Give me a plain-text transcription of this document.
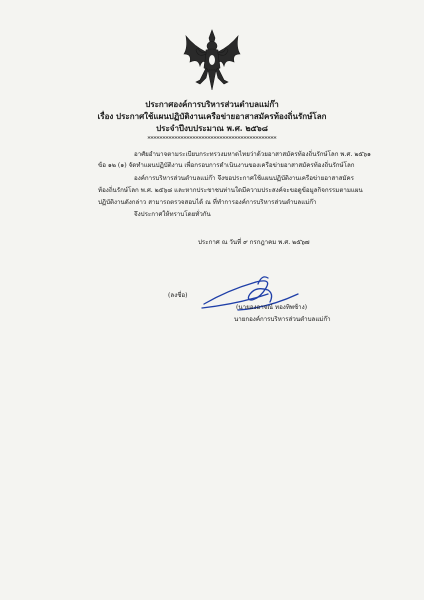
ประกาศองค์การบริหารส่วนตำบลแม่ก๊า
เรื่อง ประกาศใช้แผนปฏิบัติงานเครือข่ายอาสาสมัครท้องถิ่นรักษ์โลก
ประจำปีงบประมาณ พ.ศ. ๒๕๖๘
*******************************************
อาศัยอำนาจตามระเบียบกระทรวงมหาดไทยว่าด้วยอาสาสมัครท้องถิ่นรักษ์โลก พ.ศ. ๒๕๖๑
ข้อ ๑๒ (๑) จัดทำแผนปฏิบัติงาน เพื่อกรอบการดำเนินงานของเครือข่ายอาสาสมัครท้องถิ่นรักษ์โลก
องค์การบริหารส่วนตำบลแม่ก๊า จึงขอประกาศใช้แผนปฏิบัติงานเครือข่ายอาสาสมัคร
ท้องถิ่นรักษ์โลก พ.ศ. ๒๕๖๘ และหากประชาชนท่านใดมีความประสงค์จะขอดูข้อมูลกิจกรรมตามแผน
ปฏิบัติงานดังกล่าว สามารถตรวจสอบได้ ณ ที่ทำการองค์การบริหารส่วนตำบลแม่ก๊า
จึงประกาศให้ทราบโดยทั่วกัน
ประกาศ ณ วันที่ ๙ กรกฎาคม พ.ศ. ๒๕๖๗
(ลงชื่อ)
(นายองอาจณ์ ทองทิพช้าง)
นายกองค์การบริหารส่วนตำบลแม่ก๊า
